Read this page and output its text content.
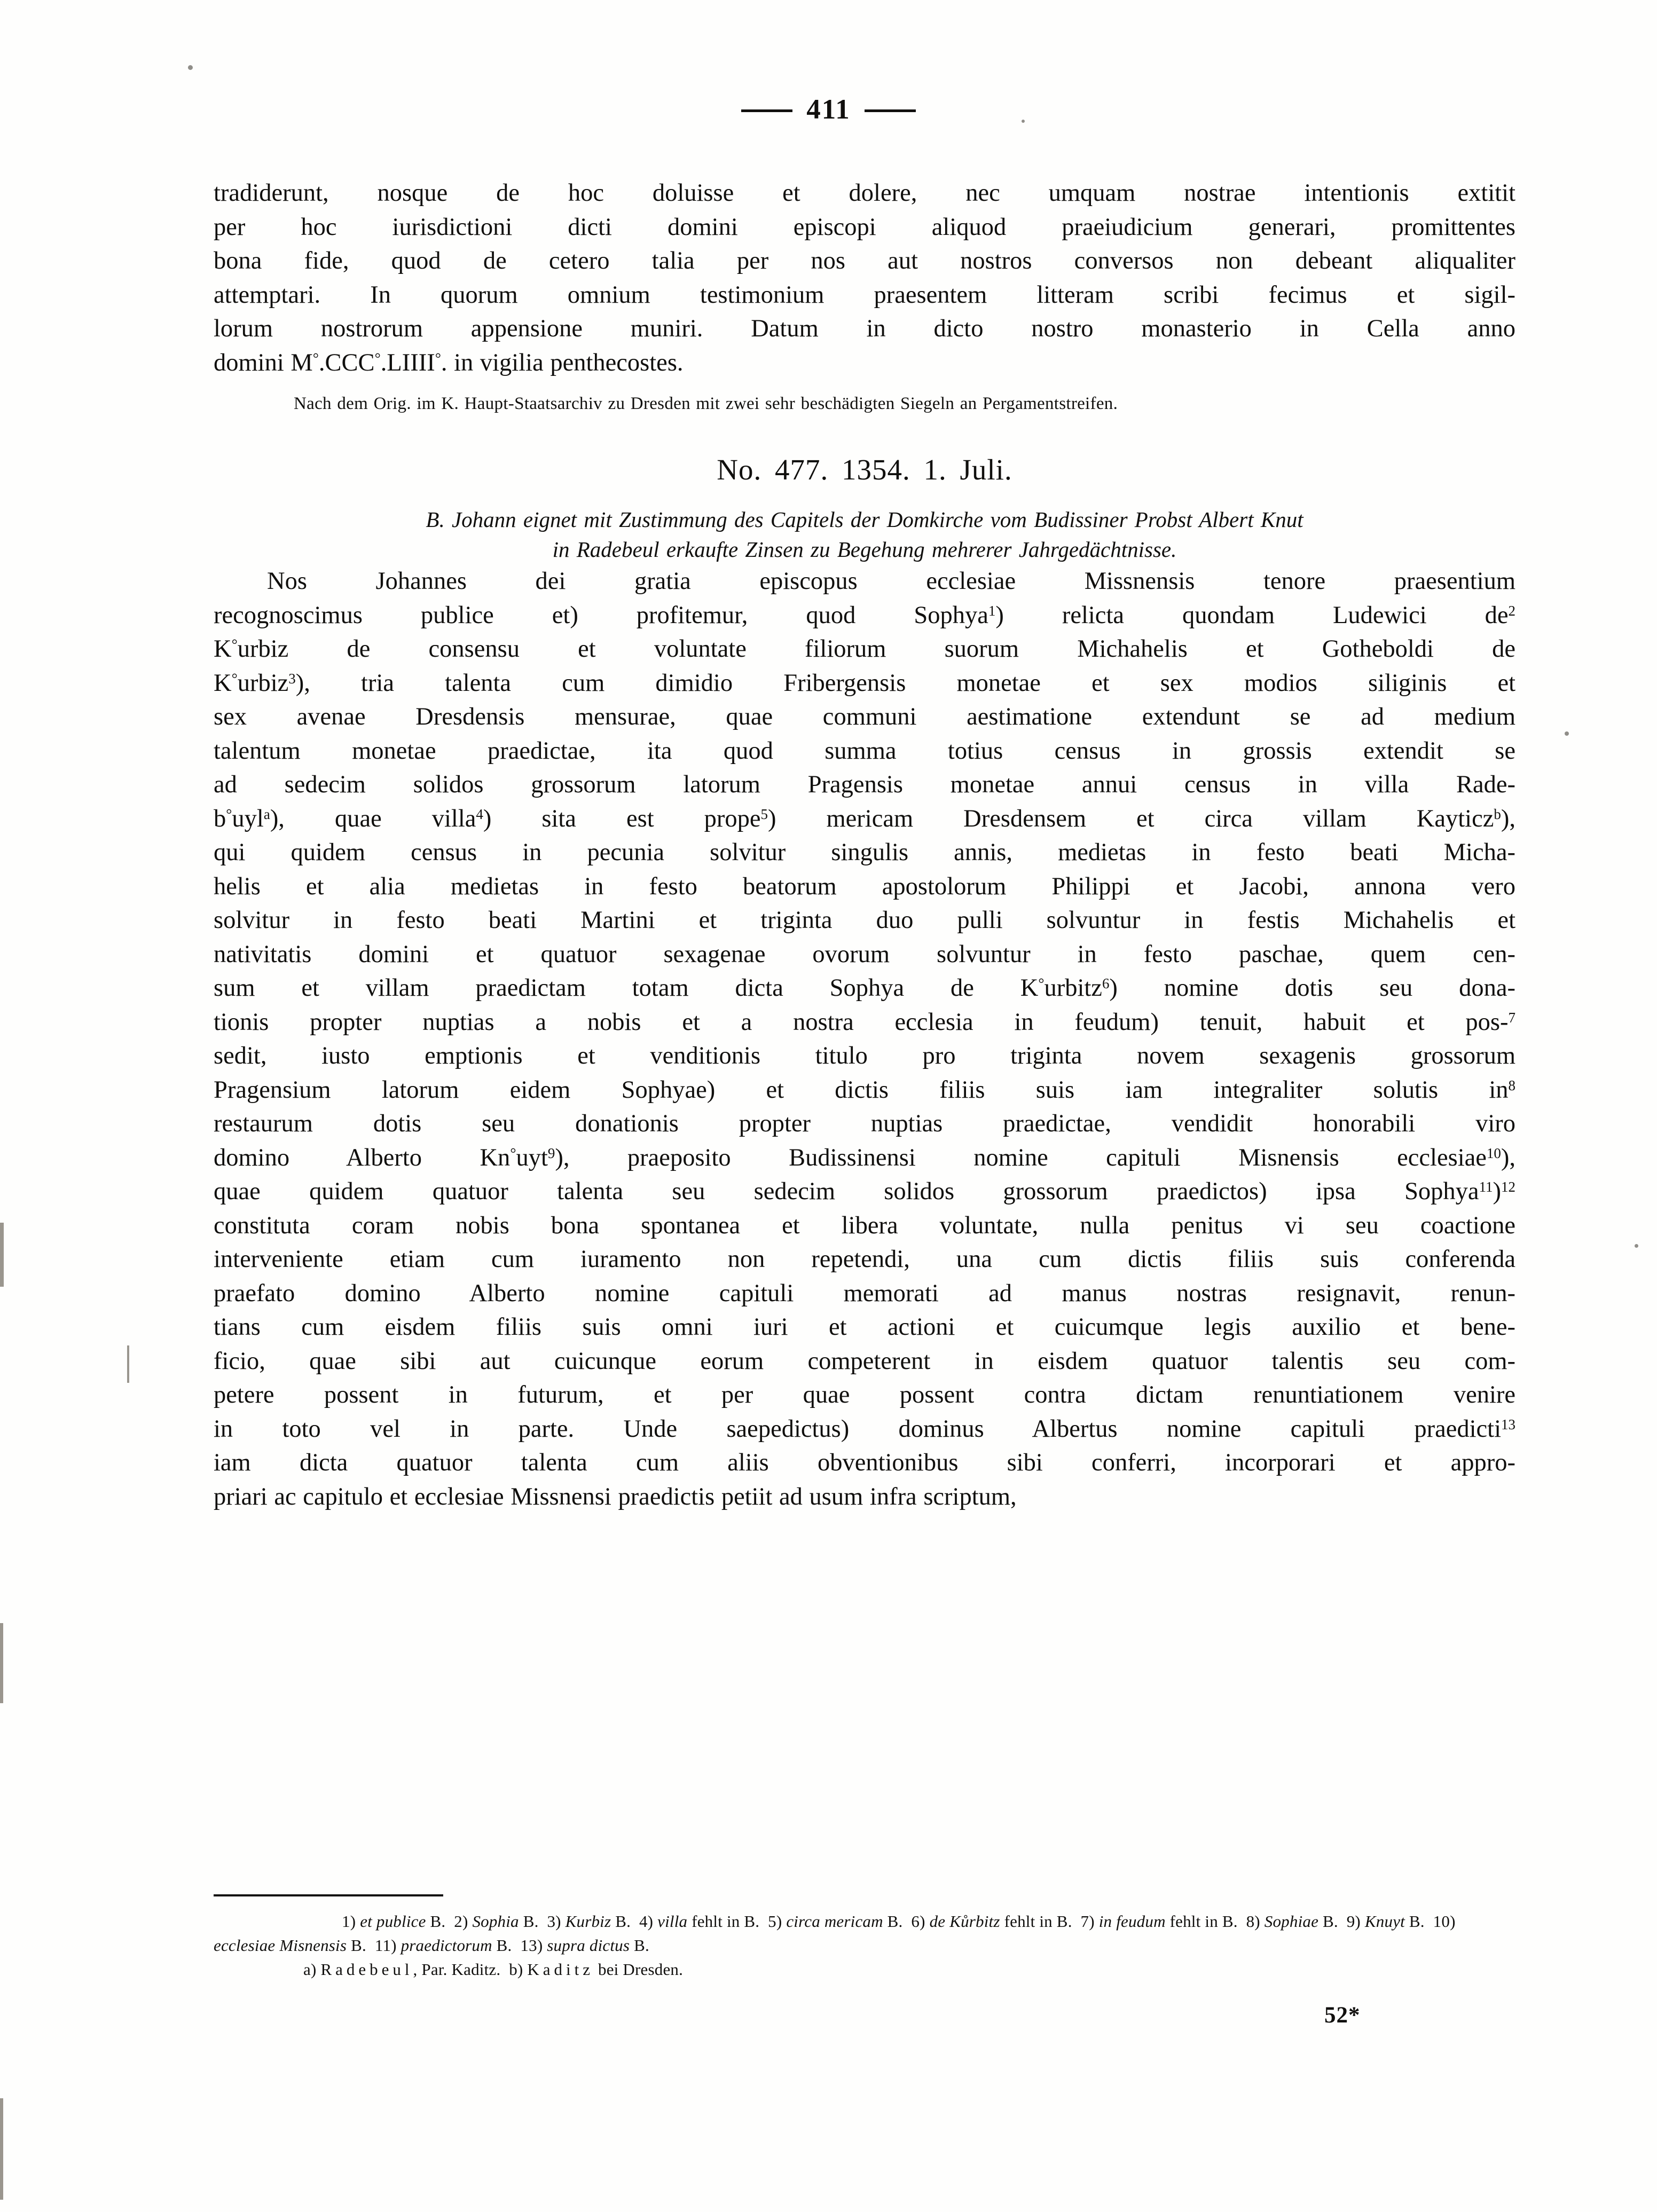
411

tradiderunt, nosque de hoc doluisse et dolere, nec umquam nostrae intentionis extitit
per hoc iurisdictioni dicti domini episcopi aliquod praeiudicium generari, promittentes
bona fide, quod de cetero talia per nos aut nostros conversos non debeant aliqualiter
attemptari. In quorum omnium testimonium praesentem litteram scribi fecimus et sigil-
lorum nostrorum appensione muniri. Datum in dicto nostro monasterio in Cella anno
domini M°.CCC°.LIIII°. in vigilia penthecostes.

Nach dem Orig. im K. Haupt-Staatsarchiv zu Dresden mit zwei sehr beschädigten Siegeln an Pergamentstreifen.

No. 477. 1354. 1. Juli.

B. Johann eignet mit Zustimmung des Capitels der Domkirche vom Budissiner Probst Albert Knut
in Radebeul erkaufte Zinsen zu Begehung mehrerer Jahrgedächtnisse.

Nos Johannes dei gratia episcopus ecclesiae Missnensis tenore praesentium
recognoscimus publice et) profitemur, quod Sophya$^1$) relicta quondam Ludewici $de^2$
K°urbiz de consensu et voluntate filiorum suorum Michahelis et Gotheboldi de
K°urbiz$^3$), tria talenta cum dimidio Fribergensis monetae et sex modios siliginis et
sex avenae Dresdensis mensurae, quae communi aestimatione extendunt se ad medium
talentum monetae praedictae, ita quod summa totius census in grossis extendit se
ad sedecim solidos grossorum latorum Pragensis monetae annui census in villa Rade-
b°uyl$^a$), quae villa$^4$) sita est prope$^5$) mericam Dresdensem et circa villam Kayticz$^b$),
qui quidem census in pecunia solvitur singulis annis, medietas in festo beati Micha-
helis et alia medietas in festo beatorum apostolorum Philippi et Jacobi, annona vero
solvitur in festo beati Martini et triginta duo pulli solvuntur in festis Michahelis et
nativitatis domini et quatuor sexagenae ovorum solvuntur in festo paschae, quem cen-
sum et villam praedictam totam dicta Sophya de K°urbitz$^6$) nomine dotis seu dona-
tionis propter nuptias a nobis et a nostra ecclesia in feudum) tenuit, habuit et pos-$^7$
sedit, iusto emptionis et venditionis titulo pro triginta novem sexagenis grossorum
Pragensium latorum eidem Sophyae) et dictis filiis suis iam integraliter solutis $in^8$
restaurum dotis seu donationis propter nuptias praedictae, vendidit honorabili viro
domino Alberto Kn°uyt$^9$), praeposito Budissinensi nomine capituli Misnensis ecclesiae$^{10}$),
quae quidem quatuor talenta seu sedecim solidos grossorum praedictos) ipsa Sophya$^{11}$)$^{12}$
constituta coram nobis bona spontanea et libera voluntate, nulla penitus vi seu coactione
interveniente etiam cum iuramento non repetendi, una cum dictis filiis suis conferenda
praefato domino Alberto nomine capituli memorati ad manus nostras resignavit, renun-
tians cum eisdem filiis suis omni iuri et actioni et cuicumque legis auxilio et bene-
ficio, quae sibi aut cuicunque eorum competerent in eisdem quatuor talentis seu com-
petere possent in futurum, et per quae possent contra dictam renuntiationem venire
in toto vel in parte. Unde saepedictus) dominus Albertus nomine capituli praedicti$^{13}$
iam dicta quatuor talenta cum aliis obventionibus sibi conferri, incorporari et appro-
priari ac capitulo et ecclesiae Missnensi praedictis petiit ad usum infra scriptum,

1) et publice B.  2) Sophia B.  3) Kurbiz B.  4) villa fehlt in B.  5) circa mericam B.  6) de Kůrbitz fehlt in B.  7) in feudum fehlt in B.  8) Sophiae B.  9) Knuyt B.  10) ecclesiae Misnensis B.  11) praedictorum B.  13) supra dictus B.
a) Radebeul, Par. Kaditz.  b) Kaditz bei Dresden.
52*
